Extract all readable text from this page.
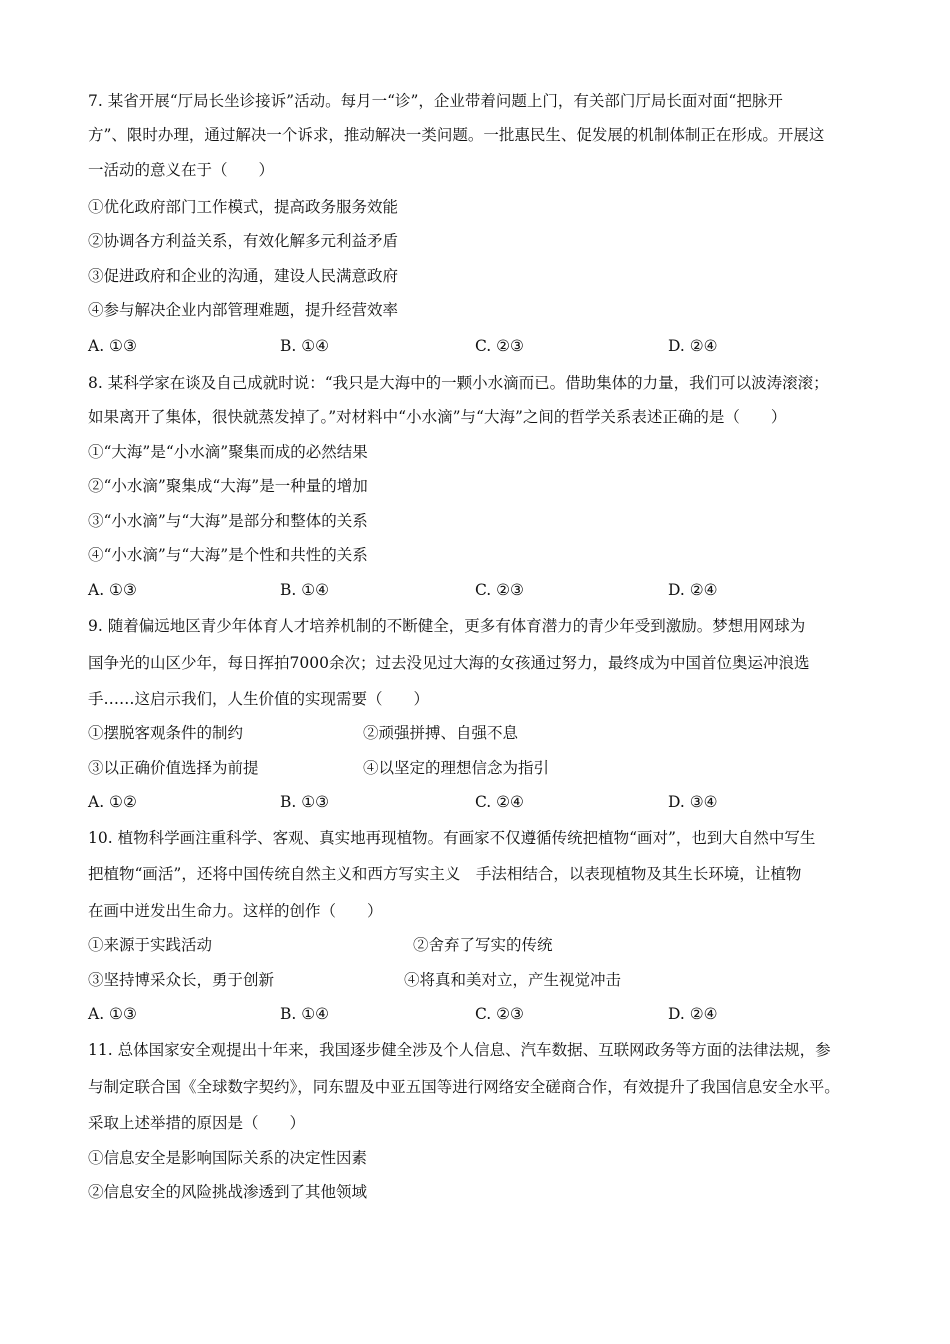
7. 某省开展“厅局长坐诊接诉”活动。每月一“诊”，企业带着问题上门，有关部门厅局长面对面“把脉开
方”、限时办理，通过解决一个诉求，推动解决一类问题。一批惠民生、促发展的机制体制正在形成。开展这
一活动的意义在于（　　）
①优化政府部门工作模式，提高政务服务效能
②协调各方利益关系，有效化解多元利益矛盾
③促进政府和企业的沟通，建设人民满意政府
④参与解决企业内部管理难题，提升经营效率
A. ①③	B. ①④	C. ②③	D. ②④
8. 某科学家在谈及自己成就时说：“我只是大海中的一颗小水滴而已。借助集体的力量，我们可以波涛滚滚；
如果离开了集体，很快就蒸发掉了。”对材料中“小水滴”与“大海”之间的哲学关系表述正确的是（　　）
①“大海”是“小水滴”聚集而成的必然结果
②“小水滴”聚集成“大海”是一种量的增加
③“小水滴”与“大海”是部分和整体的关系
④“小水滴”与“大海”是个性和共性的关系
A. ①③	B. ①④	C. ②③	D. ②④
9. 随着偏远地区青少年体育人才培养机制的不断健全，更多有体育潜力的青少年受到激励。梦想用网球为
国争光的山区少年，每日挥拍7000余次；过去没见过大海的女孩通过努力，最终成为中国首位奥运冲浪选
手……这启示我们，人生价值的实现需要（　　）
①摆脱客观条件的制约	②顽强拼搏、自强不息
③以正确价值选择为前提	④以坚定的理想信念为指引
A. ①②	B. ①③	C. ②④	D. ③④
10. 植物科学画注重科学、客观、真实地再现植物。有画家不仅遵循传统把植物“画对”，也到大自然中写生
把植物“画活”，还将中国传统自然主义和西方写实主义　手法相结合，以表现植物及其生长环境，让植物
在画中迸发出生命力。这样的创作（　　）
①来源于实践活动	②舍弃了写实的传统
③坚持博采众长，勇于创新	④将真和美对立，产生视觉冲击
A. ①③	B. ①④	C. ②③	D. ②④
11. 总体国家安全观提出十年来，我国逐步健全涉及个人信息、汽车数据、互联网政务等方面的法律法规，参
与制定联合国《全球数字契约》，同东盟及中亚五国等进行网络安全磋商合作，有效提升了我国信息安全水平。
采取上述举措的原因是（　　）
①信息安全是影响国际关系的决定性因素
②信息安全的风险挑战渗透到了其他领域
